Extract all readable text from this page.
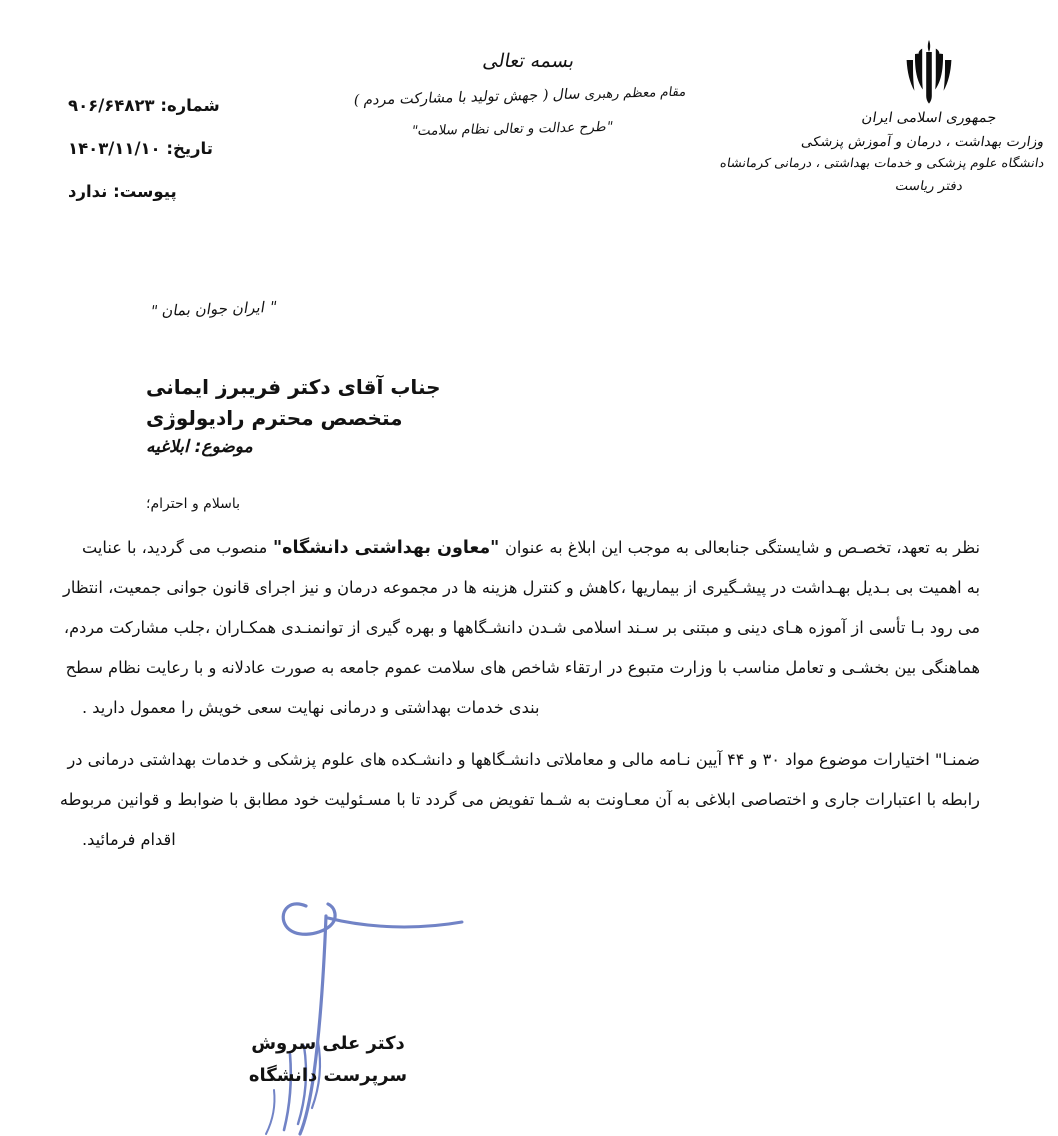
جمهوری اسلامی ایران
وزارت بهداشت ، درمان و آموزش پزشکی
دانشگاه علوم پزشکی و خدمات بهداشتی ، درمانی کرمانشاه
دفتر ریاست
بسمه تعالی
مقام معظم رهبری سال ( جهش تولید با مشارکت مردم )
"طرح عدالت و تعالی نظام سلامت"
شماره: ۹۰۶/۶۴۸۲۳
تاریخ: ۱۴۰۳/۱۱/۱۰
پیوست: ندارد
" ایران جوان بمان "
جناب آقای دکتر فریبرز ایمانی
متخصص محترم رادیولوژی
موضوع: ابلاغیه
باسلام و احترام؛
نظر به تعهد، تخصـص و شایستگی جنابعالی به موجب این ابلاغ به عنوان
"معاون بهداشتی دانشگاه"
منصوب می گردید، با عنایت
به اهمیت بی بـدیل بهـداشت در پیشـگیری از بیماریها ،کاهش و کنترل هزینه ها در مجموعه درمان و نیز اجرای قانون جوانی جمعیت، انتظار
می رود بـا تأسی از آموزه هـای دینی و مبتنی بر سـند اسلامی شـدن دانشـگاهها و بهره گیری از توانمنـدی همکـاران ،جلب مشارکت مردم،
هماهنگی بین بخشـی و تعامل مناسب با وزارت متبوع در ارتقاء شاخص های سلامت عموم جامعه به صورت عادلانه و با رعایت نظام سطح
بندی خدمات بهداشتی و درمانی نهایت سعی خویش را معمول دارید .
ضمنـا" اختیارات موضوع مواد ۳۰ و ۴۴ آیین نـامه مالی و معاملاتی دانشـگاهها و دانشـکده های علوم پزشکی و خدمات بهداشتی درمانی در
رابطه با اعتبارات جاری و اختصاصی ابلاغی به آن معـاونت به شـما تفویض می گردد تا با مسـئولیت خود مطابق با ضوابط و قوانین مربوطه
اقدام فرمائید.
دکتر علی سروش
سرپرست دانشگاه
